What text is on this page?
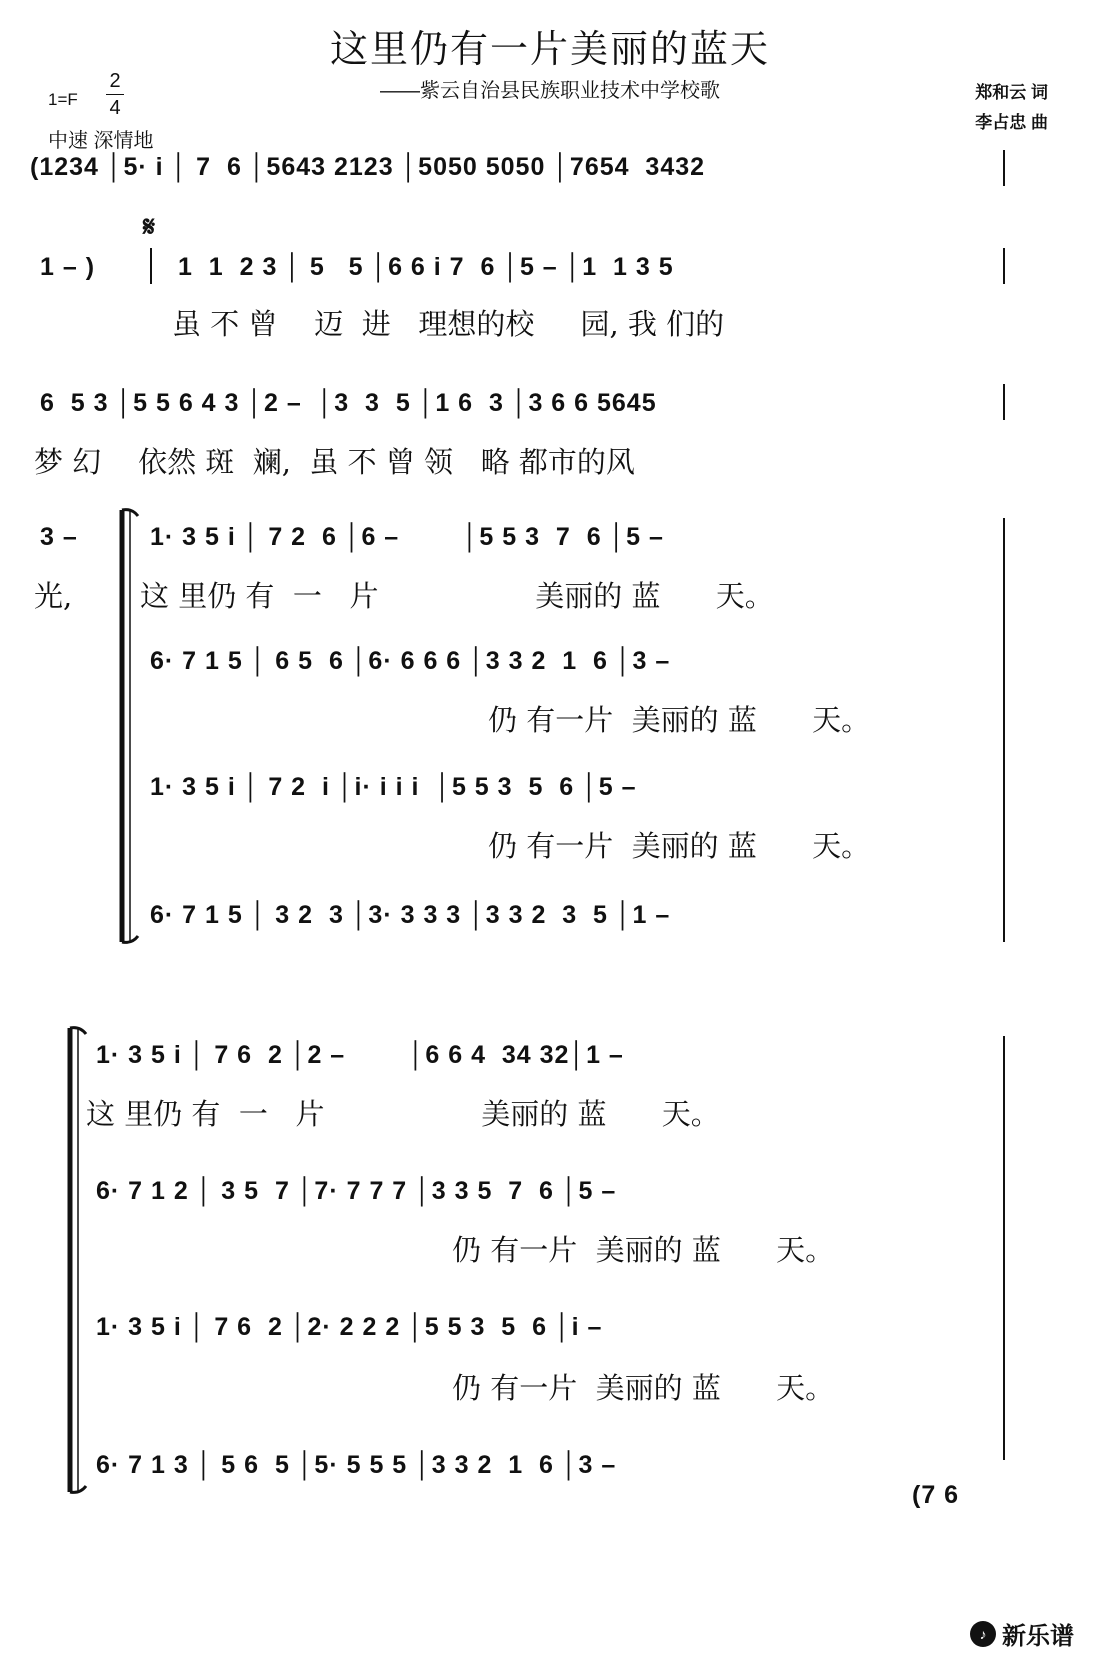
这里仍有一片美丽的蓝天
——紫云自治县民族职业技术中学校歌	郑和云 词
李占忠 曲
1=F
2
4
中速 深情地
(1234 │5· i │ 7  6 │5643 2123 │5050 5050 │7654  3432
1 – )
𝄋
1  1  2 3 │ 5   5 │6 6 i 7  6 │5 – │1  1 3 5
虽 不 曾    迈  进   理想的校     园, 我 们的
6  5 3 │5 5 6 4 3 │2 –  │3  3  5 │1 6  3 │3 6 6 5645
梦 幻    依然 斑  斓,  虽 不 曾 领   略 都市的风
3 –
光,
1· 3 5 i │ 7 2  6 │6 –        │5 5 3  7  6 │5 –
这 里仍 有  一   片                 美丽的 蓝      天。
6· 7 1 5 │ 6 5  6 │6· 6 6 6 │3 3 2  1  6 │3 –
仍 有一片  美丽的 蓝      天。
1· 3 5 i │ 7 2  i │i· i i i  │5 5 3  5  6 │5 –
仍 有一片  美丽的 蓝      天。
6· 7 1 5 │ 3 2  3 │3· 3 3 3 │3 3 2  3  5 │1 –
1· 3 5 i │ 7 6  2 │2 –        │6 6 4  34 32│1 –
这 里仍 有  一   片                 美丽的 蓝      天。
6· 7 1 2 │ 3 5  7 │7· 7 7 7 │3 3 5  7  6 │5 –
仍 有一片  美丽的 蓝      天。
1· 3 5 i │ 7 6  2 │2· 2 2 2 │5 5 3  5  6 │i –
仍 有一片  美丽的 蓝      天。
6· 7 1 3 │ 5 6  5 │5· 5 5 5 │3 3 2  1  6 │3 –
(7 6
♪ 新乐谱
